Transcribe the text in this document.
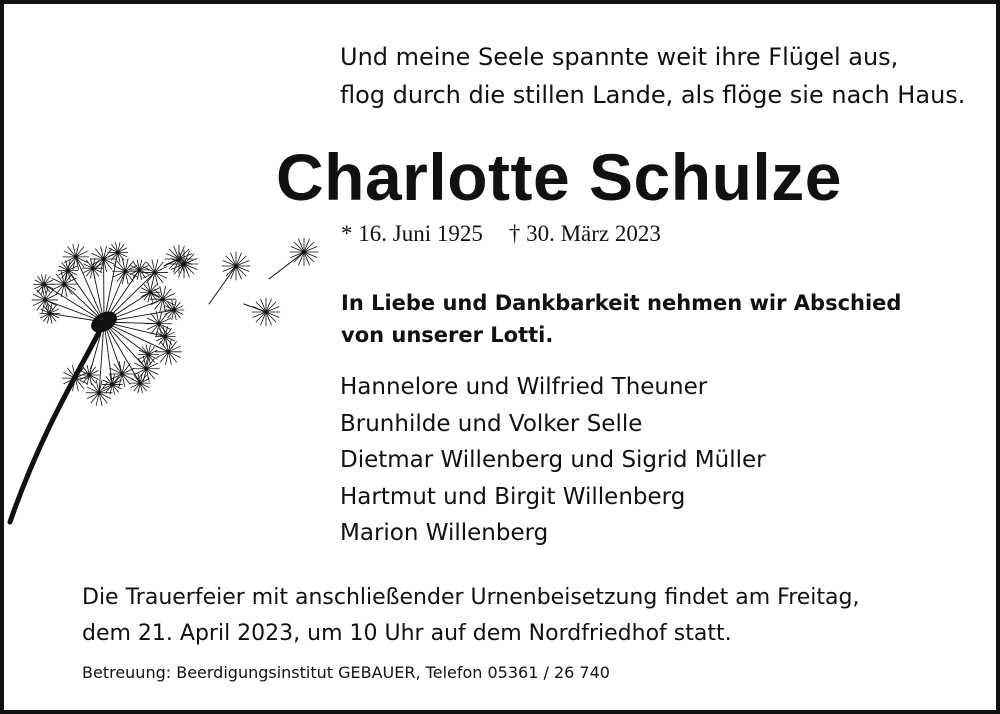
Und meine Seele spannte weit ihre Flügel aus,
flog durch die stillen Lande, als flöge sie nach Haus.

Charlotte Schulze

* 16. Juni 1925 † 30. März 2023

In Liebe und Dankbarkeit nehmen wir Abschied
von unserer Lotti.

Hannelore und Wilfried Theuner
Brunhilde und Volker Selle
Dietmar Willenberg und Sigrid Müller
Hartmut und Birgit Willenberg
Marion Willenberg

Die Trauerfeier mit anschließender Urnenbeisetzung findet am Freitag,
dem 21. April 2023, um 10 Uhr auf dem Nordfriedhof statt.

Betreuung: Beerdigungsinstitut GEBAUER, Telefon 05361 / 26 740
